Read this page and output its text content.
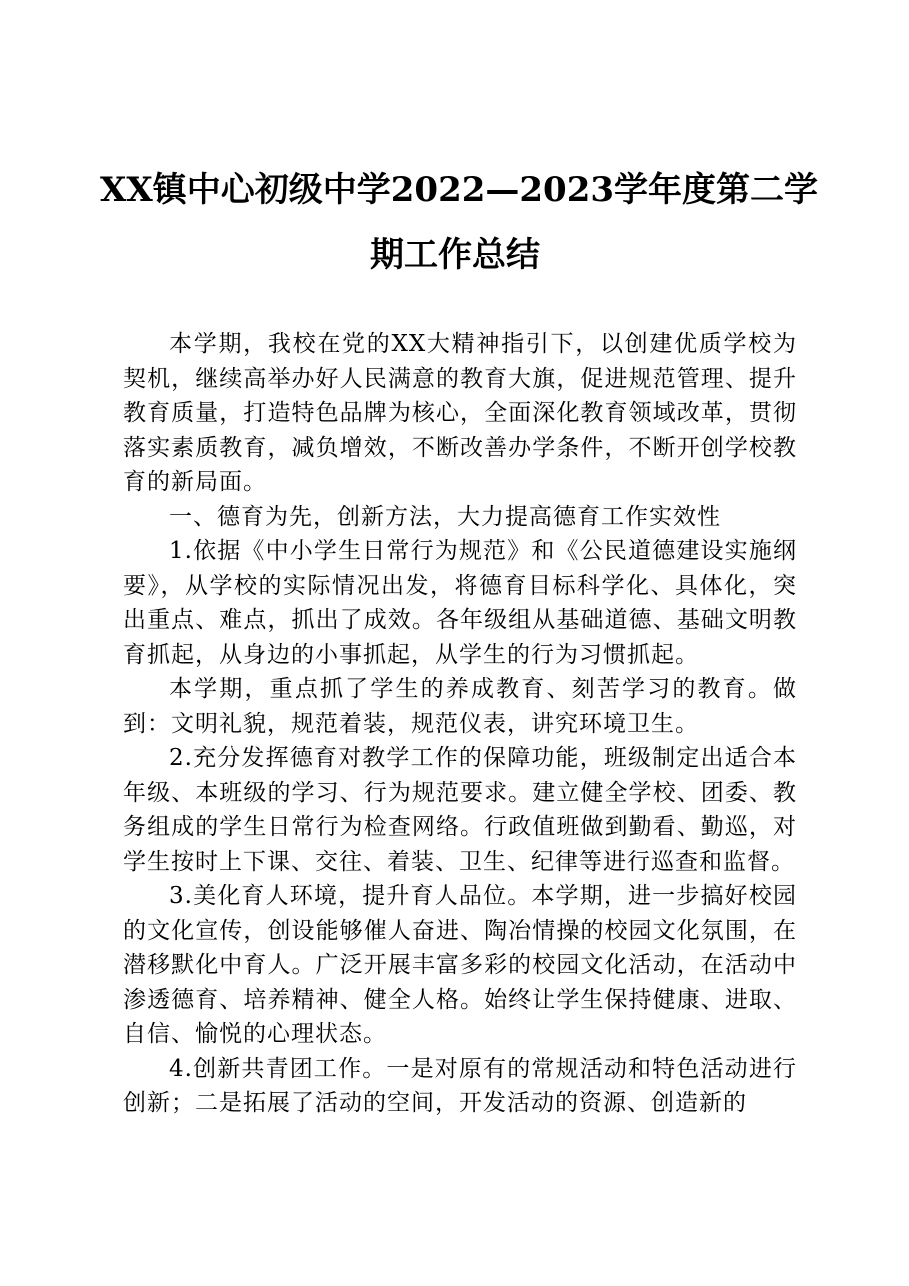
XX镇中心初级中学2022—2023学年度第二学
期工作总结

本学期，我校在党的XX大精神指引下，以创建优质学校为契机，继续高举办好人民满意的教育大旗，促进规范管理、提升教育质量，打造特色品牌为核心，全面深化教育领域改革，贯彻落实素质教育，减负增效，不断改善办学条件，不断开创学校教育的新局面。

一、德育为先，创新方法，大力提高德育工作实效性

1.依据《中小学生日常行为规范》和《公民道德建设实施纲要》，从学校的实际情况出发，将德育目标科学化、具体化，突出重点、难点，抓出了成效。各年级组从基础道德、基础文明教育抓起，从身边的小事抓起，从学生的行为习惯抓起。

本学期，重点抓了学生的养成教育、刻苦学习的教育。做到：文明礼貌，规范着装，规范仪表，讲究环境卫生。

2.充分发挥德育对教学工作的保障功能，班级制定出适合本年级、本班级的学习、行为规范要求。建立健全学校、团委、教务组成的学生日常行为检查网络。行政值班做到勤看、勤巡，对学生按时上下课、交往、着装、卫生、纪律等进行巡查和监督。

3.美化育人环境，提升育人品位。本学期，进一步搞好校园的文化宣传，创设能够催人奋进、陶冶情操的校园文化氛围，在潜移默化中育人。广泛开展丰富多彩的校园文化活动，在活动中渗透德育、培养精神、健全人格。始终让学生保持健康、进取、自信、愉悦的心理状态。

4.创新共青团工作。一是对原有的常规活动和特色活动进行创新；二是拓展了活动的空间，开发活动的资源、创造新的
